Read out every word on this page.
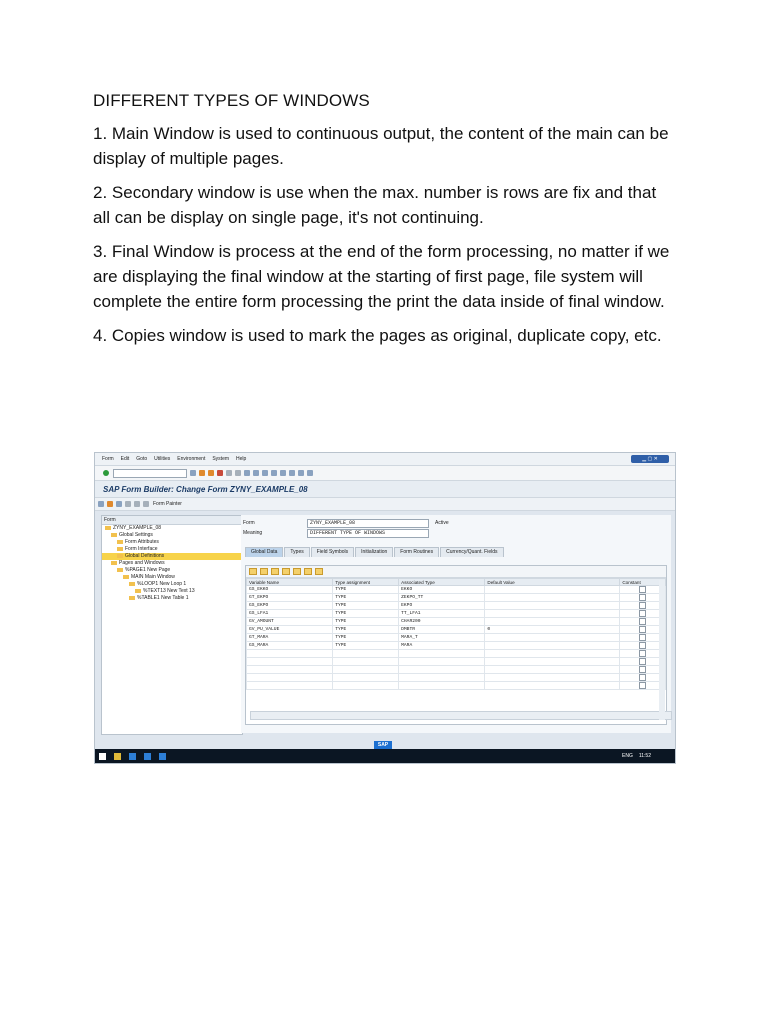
DIFFERENT TYPES OF WINDOWS

1. Main Window is used to continuous output, the content of the main can be display of multiple pages.

2. Secondary window is use when the max. number is rows are fix and that all can be display on single page, it's not continuing.

3. Final Window is process at the end of the form processing, no matter if we are displaying the final window at the starting of first page, file system will complete the entire form processing the print the data inside of final window.

4. Copies window is used to mark the pages as original, duplicate copy, etc.

Form Edit Goto Utilities Environment System Help	▁ ▢ ✕
SAP Form Builder: Change Form ZYNY_EXAMPLE_08
Form Painter
Form
ZYNY_EXAMPLE_08
Global Settings
Form Attributes
Form Interface
Global Definitions
Pages and Windows
%PAGE1 New Page
MAIN Main Window
%LOOP1 New Loop 1
%TEXT13 New Text 13
%TABLE1 New Table 1
Form	ZYNY_EXAMPLE_08	Active
Meaning	DIFFERENT TYPE OF WINDOWS
Global Data	Types	Field Symbols	Initialization	Form Routines	Currency/Quant. Fields
Variable Name	Type assignment	Associated Type	Default Value	Constant
GS_EKKO	TYPE	EKKO		

GT_EKPO	TYPE	ZEKPO_TT		

GS_EKPO	TYPE	EKPO		

GS_LFA1	TYPE	TT_LFA1		

GV_AMOUNT	TYPE	CHAR200		

GV_PU_VALUE	TYPE	DMBTR	0	

GT_MARA	TYPE	MARA_T		

GS_MARA	TYPE	MARA		

SAP
ENG 11:52
